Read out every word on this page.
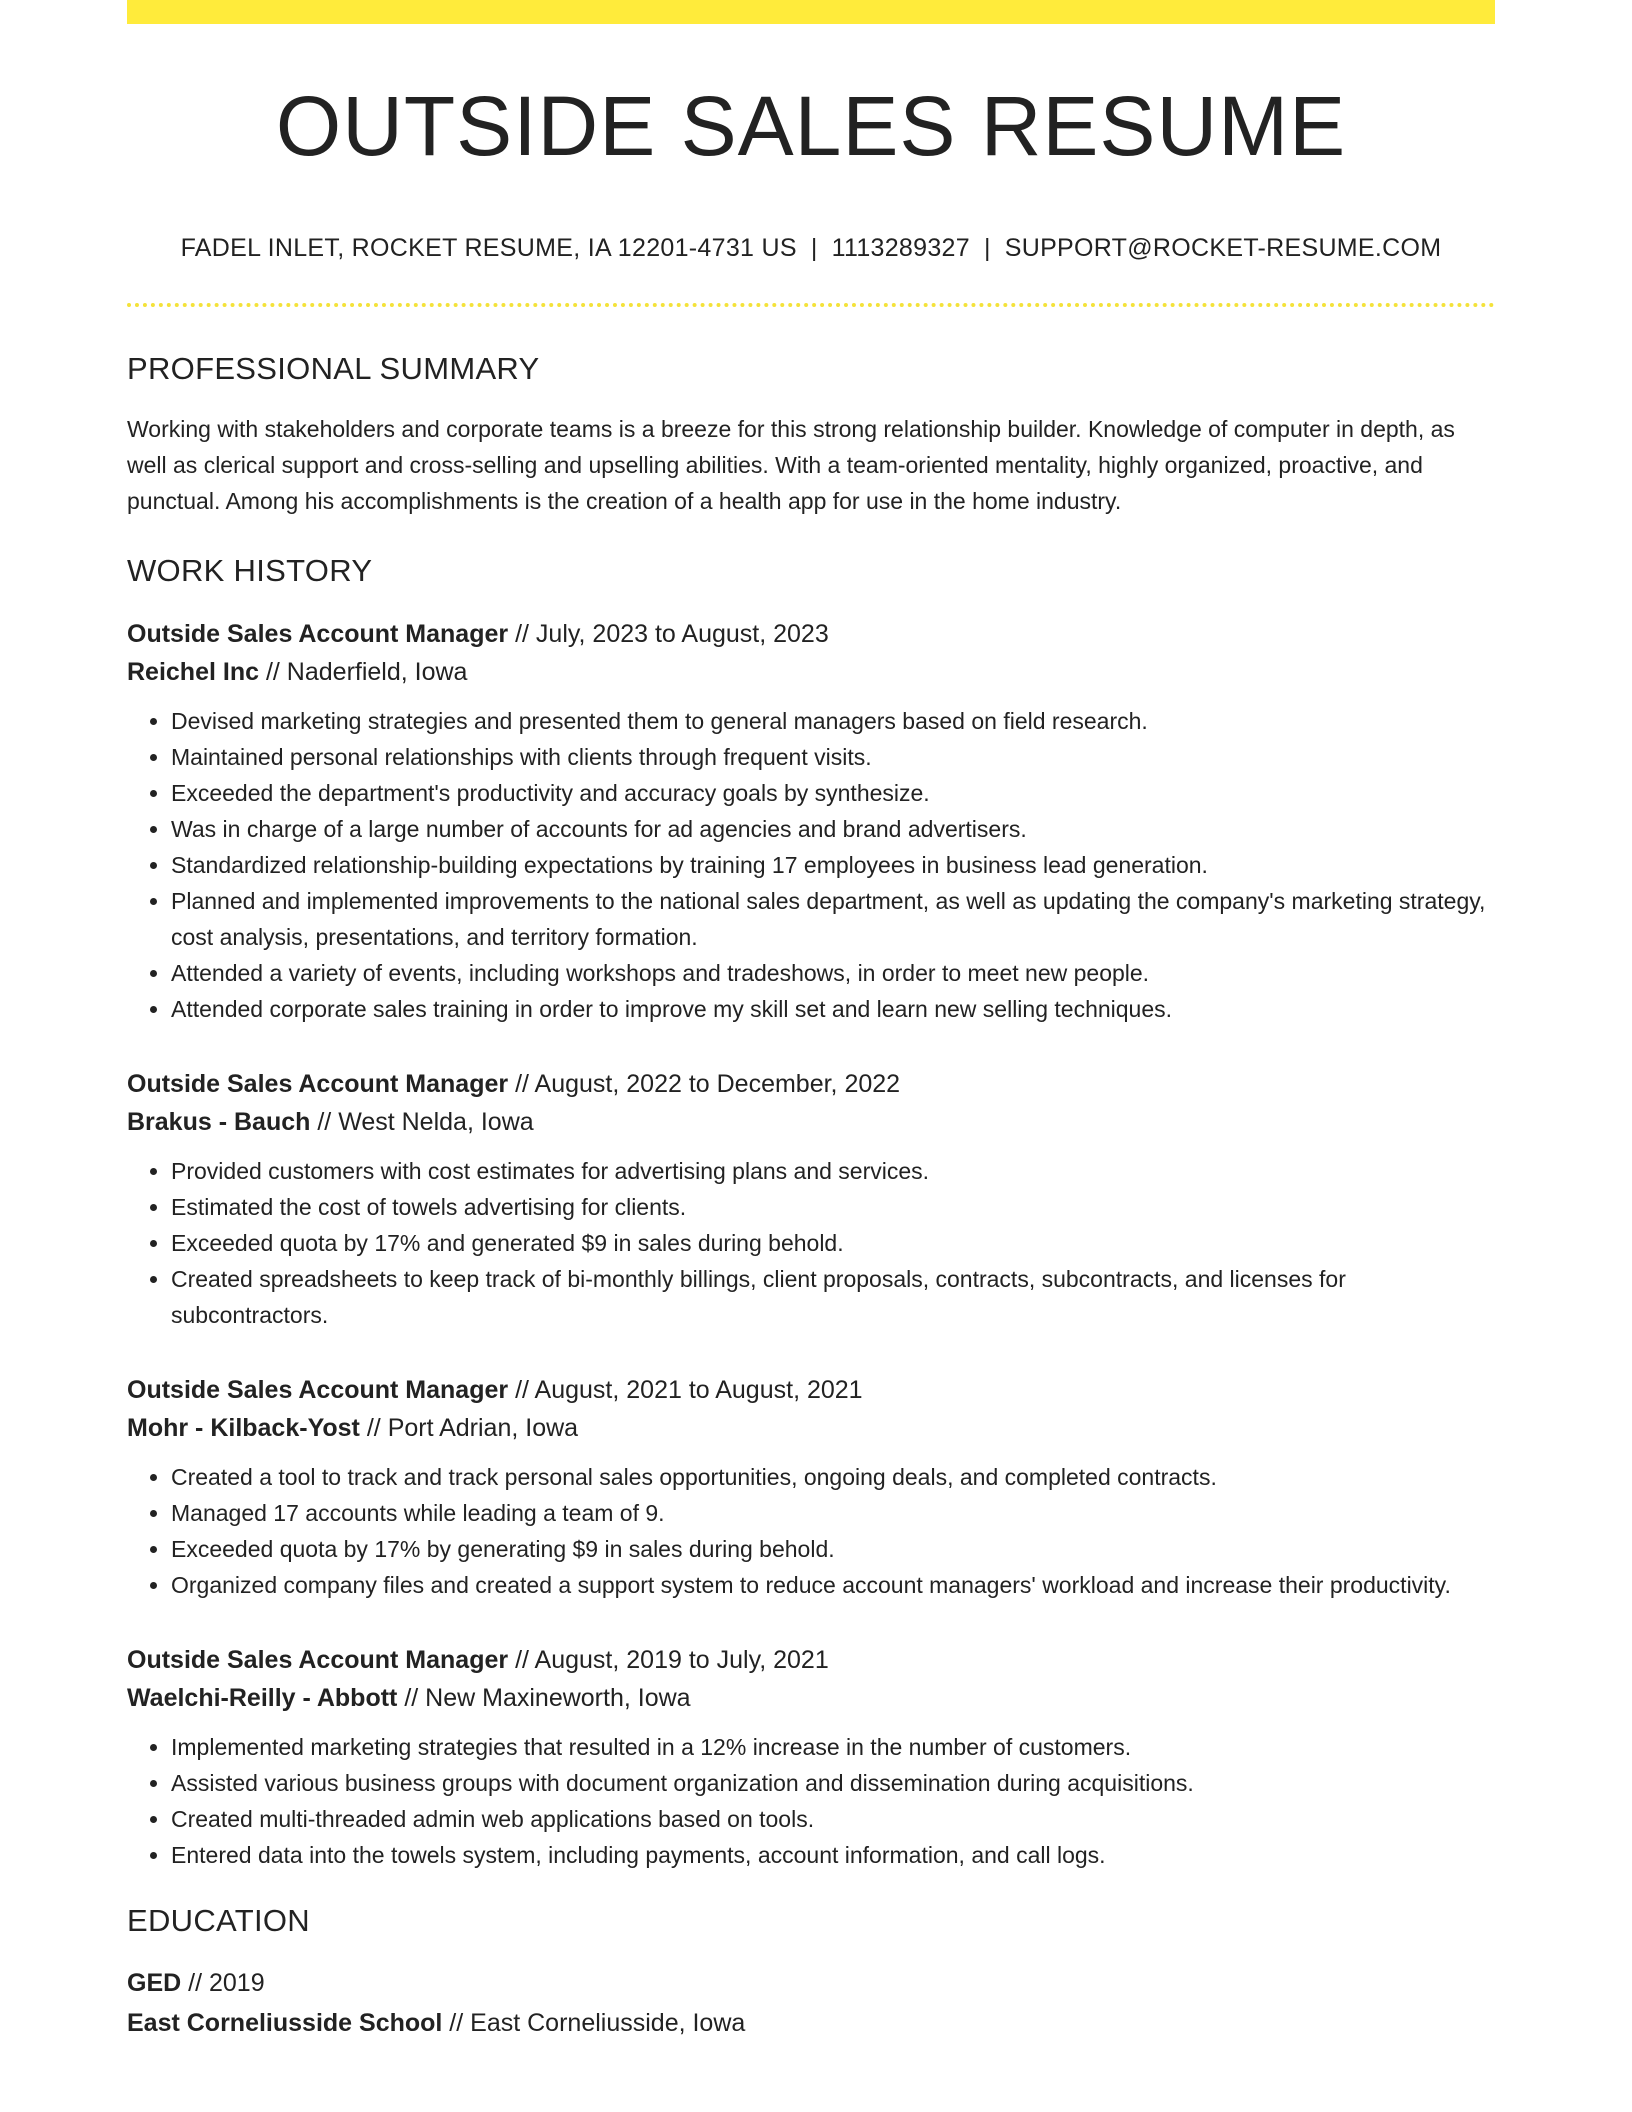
OUTSIDE SALES RESUME
FADEL INLET, ROCKET RESUME, IA 12201-4731 US | 1113289327 | SUPPORT@ROCKET-RESUME.COM
PROFESSIONAL SUMMARY

Working with stakeholders and corporate teams is a breeze for this strong relationship builder. Knowledge of computer in depth, as well as clerical support and cross-selling and upselling abilities. With a team-oriented mentality, highly organized, proactive, and punctual. Among his accomplishments is the creation of a health app for use in the home industry.

WORK HISTORY
Outside Sales Account Manager // July, 2023 to August, 2023
Reichel Inc // Naderfield, Iowa
• Devised marketing strategies and presented them to general managers based on field research.
• Maintained personal relationships with clients through frequent visits.
• Exceeded the department's productivity and accuracy goals by synthesize.
• Was in charge of a large number of accounts for ad agencies and brand advertisers.
• Standardized relationship-building expectations by training 17 employees in business lead generation.
• Planned and implemented improvements to the national sales department, as well as updating the company's marketing strategy, cost analysis, presentations, and territory formation.
• Attended a variety of events, including workshops and tradeshows, in order to meet new people.
• Attended corporate sales training in order to improve my skill set and learn new selling techniques.
Outside Sales Account Manager // August, 2022 to December, 2022
Brakus - Bauch // West Nelda, Iowa
• Provided customers with cost estimates for advertising plans and services.
• Estimated the cost of towels advertising for clients.
• Exceeded quota by 17% and generated $9 in sales during behold.
• Created spreadsheets to keep track of bi-monthly billings, client proposals, contracts, subcontracts, and licenses for subcontractors.
Outside Sales Account Manager // August, 2021 to August, 2021
Mohr - Kilback-Yost // Port Adrian, Iowa
• Created a tool to track and track personal sales opportunities, ongoing deals, and completed contracts.
• Managed 17 accounts while leading a team of 9.
• Exceeded quota by 17% by generating $9 in sales during behold.
• Organized company files and created a support system to reduce account managers' workload and increase their productivity.
Outside Sales Account Manager // August, 2019 to July, 2021
Waelchi-Reilly - Abbott // New Maxineworth, Iowa
• Implemented marketing strategies that resulted in a 12% increase in the number of customers.
• Assisted various business groups with document organization and dissemination during acquisitions.
• Created multi-threaded admin web applications based on tools.
• Entered data into the towels system, including payments, account information, and call logs.
EDUCATION
GED // 2019
East Corneliusside School // East Corneliusside, Iowa
